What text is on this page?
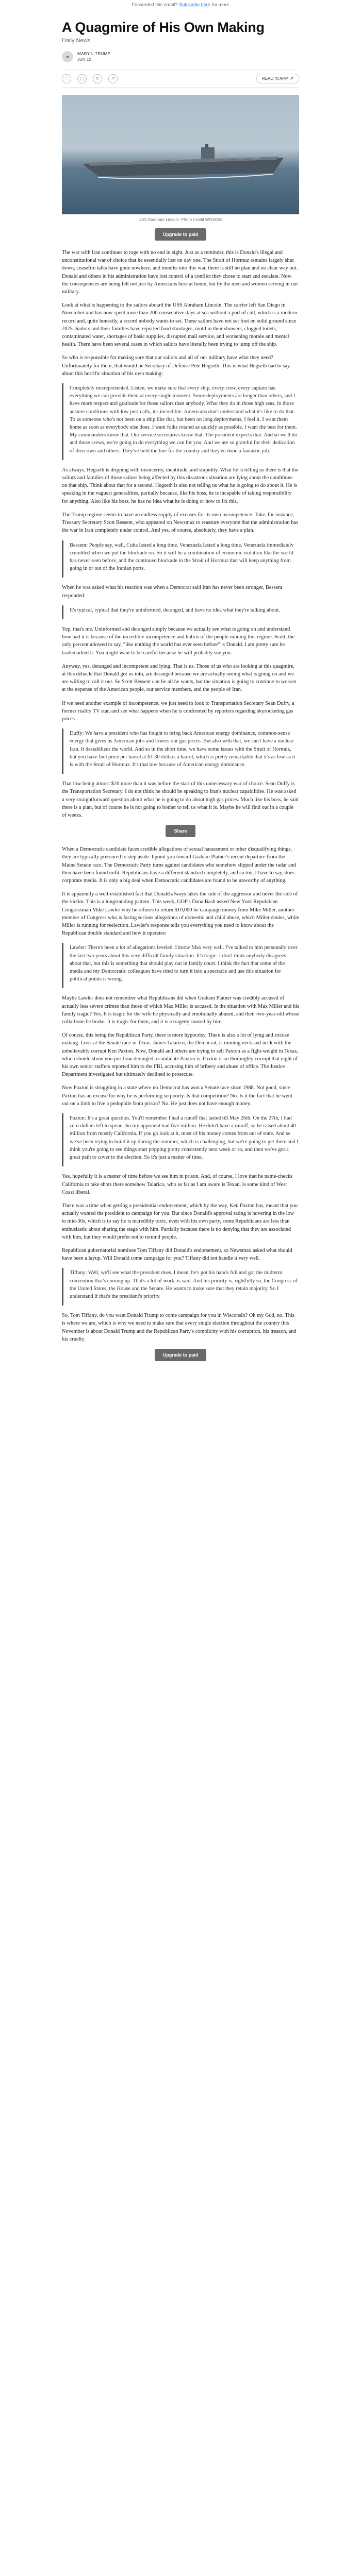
Forwarded this email? Subscribe here for more
A Quagmire of His Own Making
Daily News
●	MARY L TRUMP
JUN 10
♡	□	↻	↗	READ IN APP ↗
USS Abraham Lincoln; Photo Credit WGWDM
Upgrade to paid

The war with Iran continues to rage with no end in sight. Just as a reminder, this is Donald's illegal and unconstitutional war of choice that he essentially lost on day one. The Strait of Hormuz remains largely shut down, ceasefire talks have gone nowhere, and months into this war, there is still no plan and no clear way out. Donald and others in his administration have lost control of a conflict they chose to start and escalate. Now the consequences are being felt not just by Americans here at home, but by the men and women serving in our military.

Look at what is happening to the sailors aboard the USS Abraham Lincoln. The carrier left San Diego in November and has now spent more than 200 consecutive days at sea without a port of call, which is a modern record and, quite honestly, a record nobody wants to set. These sailors have not set foot on solid ground since 2025. Sailors and their families have reported food shortages, mold in their showers, clogged toilets, contaminated water, shortages of basic supplies, disrupted mail service, and worsening morale and mental health. There have been several cases in which sailors have literally been trying to jump off the ship.

So who is responsible for making sure that our sailors and all of our military have what they need? Unfortunately for them, that would be Secretary of Defense Pete Hegseth. This is what Hegseth had to say about this horrific situation of his own making:

Completely misrepresented. Listen, we make sure that every ship, every crew, every captain has everything we can provide them at every single moment. Some deployments are longer than others, and I have more respect and gratitude for those sailors than anybody. What they do in those high seas, in those austere conditions with low port calls, it's incredible. Americans don't understand what it's like to do that. To as someone who's not been on a ship like that, but been on long deployments, I feel it. I want them home as soon as everybody else does. I want folks rotated as quickly as possible. I want the best for them. My commanders know that. Our service secretaries know that. The president expects that. And so we'll do and those crews, we're going to do everything we can for you. And we are so grateful for their dedication of their own and others. They've held the line for the country and they've done a fantastic job.

As always, Hegseth is dripping with insincerity, ineptitude, and stupidity. What he is telling us there is that the sailors and families of those sailors being affected by this disastrous situation are lying about the conditions on that ship. Think about that for a second. Hegseth is also not telling us what he is going to do about it. He is speaking in the vaguest generalities, partially because, like his boss, he is incapable of taking responsibility for anything. Also like his boss, he has no idea what he is doing or how to fix this.

The Trump regime seems to have an endless supply of excuses for its own incompetence. Take, for instance, Treasury Secretary Scott Bessent, who appeared on Newsmax to reassure everyone that the administration has the war in Iran completely under control. And yes, of course, absolutely, they have a plan.

Bessent: People say, well, Cuba lasted a long time. Venezuela lasted a long time. Venezuela immediately crumbled when we put the blockade on. So it will be a combination of economic isolation like the world has never seen before, and the continued blockade in the Strait of Hormuz that will keep anything from going in or out of the Iranian ports.

When he was asked what his reaction was when a Democrat said Iran has never been stronger, Bessent responded:

It's typical, typical that they're uninformed, deranged, and have no idea what they're talking about.

Yep, that's me. Uninformed and deranged simply because we actually see what is going on and understand how bad it is because of the incredible incompetence and hubris of the people running this regime. Scott, the only percent allowed to say, "like nothing the world has ever seen before" is Donald. I am pretty sure he trademarked it. You might want to be careful because he will probably sue you.

Anyway, yes, deranged and incompetent and lying. That is us. Those of us who are looking at this quagmire, at this debacle that Donald got us into, are deranged because we are actually seeing what is going on and we are willing to call it out. So Scott Bessent can lie all he wants, but the situation is going to continue to worsen at the expense of the American people, our service members, and the people of Iran.

If we need another example of incompetence, we just need to look to Transportation Secretary Sean Duffy, a former reality TV star, and see what happens when he is confronted by reporters regarding skyrocketing gas prices.

Duffy: We have a president who has fought to bring back American energy dominance, common-sense energy that gives us American jobs and lowers our gas prices. But also with that, we can't have a nuclear Iran. It destabilizes the world. And so in the short time, we have some issues with the Strait of Hormuz, but you have fuel price per barrel at $1.30 dollars a barrel, which is pretty remarkable that it's as low as it is with the Strait of Hormuz. It's that low because of American energy dominance.

That low being almost $20 more than it was before the start of this unnecessary war of choice. Sean Duffy is the Transportation Secretary. I do not think he should be speaking to Iran's nuclear capabilities. He was asked a very straightforward question about what he is going to do about high gas prices. Much like his boss, he said there is a plan, but of course he is not going to bother to tell us what it is. Maybe he will find out in a couple of weeks.

Share

When a Democratic candidate faces credible allegations of sexual harassment or other disqualifying things, they are typically pressured to step aside. I point you toward Graham Platner's recent departure from the Maine Senate race. The Democratic Party turns against candidates who somehow slipped under the radar and then have been found unfit. Republicans have a different standard completely, and so too, I have to say, does corporate media. It is only a big deal when Democratic candidates are found to be unworthy of anything.

It is apparently a well-established fact that Donald always takes the side of the aggressor and never the side of the victim. This is a longstanding pattern. This week, GOP's Dana Bash asked New York Republican Congressman Mike Lawler why he refuses to return $10,000 he campaign money from Mike Miller, another member of Congress who is facing serious allegations of domestic and child abuse, which Miller denies, while Miller is running for reelection. Lawler's response tells you everything you need to know about the Republican double standard and how it operates:

Lawler: There's been a lot of allegations leveled. I know Max very well. I've talked to him personally over the last two years about this very difficult family situation. It's tragic. I don't think anybody disagrees about that, but this is something that should play out in family court. I think the fact that some of the media and my Democratic colleagues have tried to turn it into a spectacle and use this situation for political points is wrong.

Maybe Lawler does not remember what Republicans did when Graham Platner was credibly accused of actually less severe crimes than those of which Max Miller is accused. Is the situation with Max Miller and his family tragic? Yes. It is tragic for the wife he physically and emotionally abused, and their two-year-old whose collarbone he broke. It is tragic for them, and it is a tragedy caused by him.

Of course, this being the Republican Party, there is more hypocrisy. There is also a lot of lying and excuse making. Look at the Senate race in Texas. James Talarico, the Democrat, is running neck and neck with the unbelievably corrupt Ken Paxton. Now, Donald and others are trying to sell Paxton as a fight-weight in Texas, which should show you just how deranged a candidate Paxton is. Paxton is so thoroughly corrupt that eight of his own senior staffers reported him to the FBI, accusing him of bribery and abuse of office. The Justice Department investigated but ultimately declined to prosecute.

Now Paxton is struggling in a state where no Democrat has won a Senate race since 1988. Not good, since Paxton has an excuse for why he is performing so poorly. Is that competition? No. Is it the fact that he went out on a limb to live a pedophile from prison? No. He just does not have enough money.

Paxton: It's a great question. You'll remember I had a runoff that lasted till May 26th. On the 27th, I had zero dollars left to spend. So my opponent had five million. He didn't have a runoff, so he raised about 40 million from mostly California. If you go look at it, most of his money comes from out of state. And so we've been trying to build it up during the summer, which is challenging, but we're going to get there and I think you're going to see things start popping pretty consistently next week or so, and then we've got a great path to cover to the election. So it's just a matter of time.

Yes, hopefully it is a matter of time before we see him in prison. And, of course, I love that he name-checks California to take shots there somehow Talarico, who as far as I am aware is Texan, is some kind of West Coast liberal.

There was a time when getting a presidential endorsement, which by the way, Ken Paxton has, meant that you actually wanted the president to campaign for you. But since Donald's approval rating is hovering in the low to mid-30s, which is to say he is incredibly toxic, even with his own party, some Republicans are less than enthusiastic about sharing the stage with him. Partially because there is no denying that they are associated with him, but they would prefer not to remind people.

Republican gubernatorial nominee Tom Tiffany did Donald's endorsement, so Newsmax asked what should have been a layup. Will Donald come campaign for you? Tiffany did not handle it very well.

Tiffany: Well, we'll see what the president does. I mean, he's got his hands full and got the midterm convention that's coming up. That's a lot of work, is said. And his priority is, rightfully so, the Congress of the United States, the House and the Senate. He wants to make sure that they retain majority. So I understand if that's the president's priority.

So, Tom Tiffany, do you want Donald Trump to come campaign for you in Wisconsin? Oh my God, no. This is where we are, which is why we need to make sure that every single election throughout the country this November is about Donald Trump and the Republican Party's complicity with his corruption, his treason, and his cruelty.

Upgrade to paid
